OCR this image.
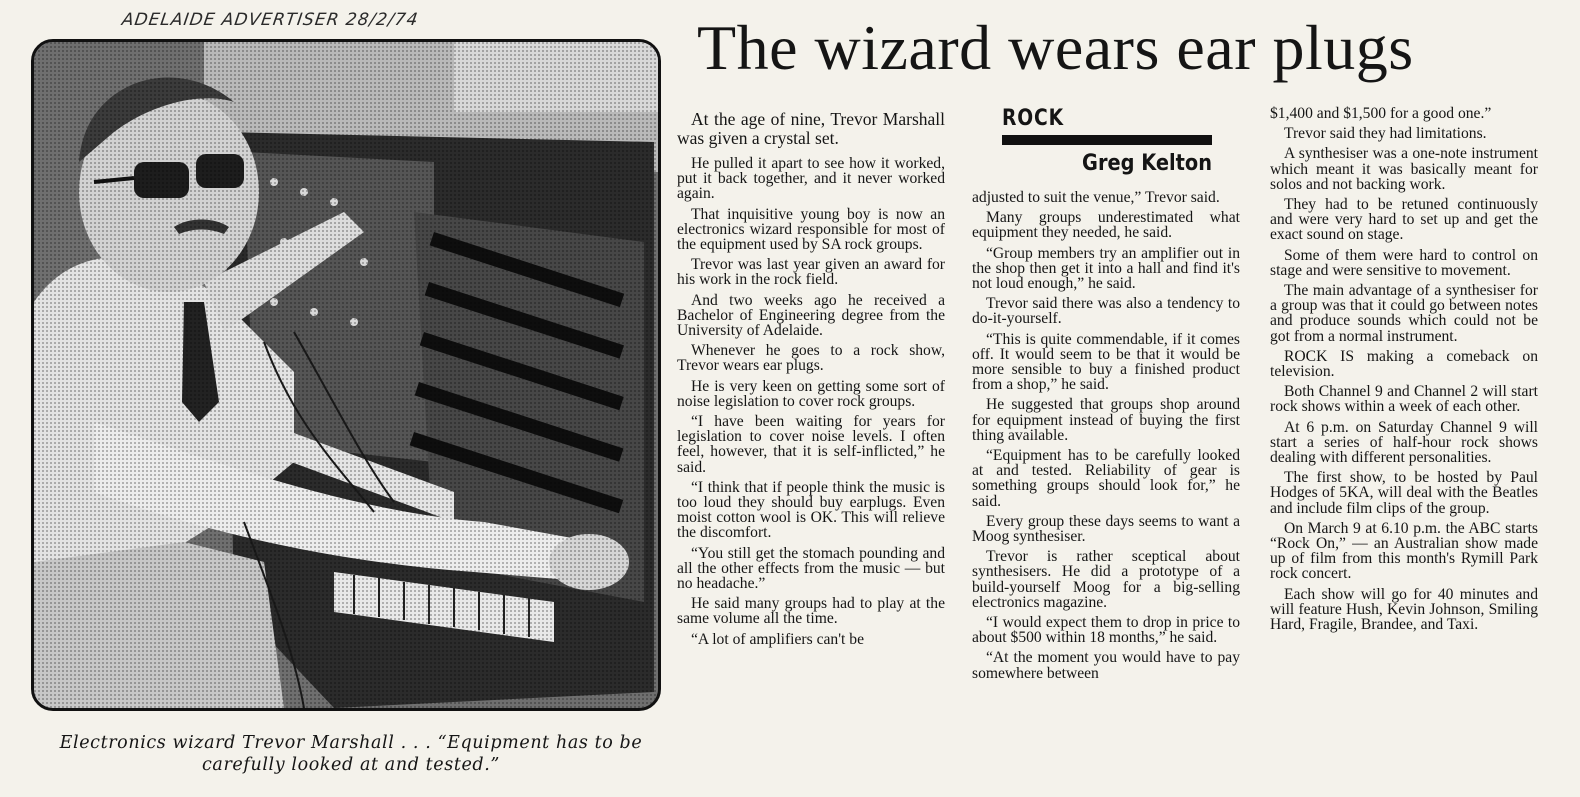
ADELAIDE ADVERTISER 28/2/74
Electronics wizard Trevor Marshall . . . “Equipment has to be carefully looked at and tested.”
The wizard wears ear plugs
ROCK
Greg Kelton

At the age of nine, Trevor Marshall was given a crystal set.

He pulled it apart to see how it worked, put it back together, and it never worked again.

That inquisitive young boy is now an electronics wizard responsible for most of the equipment used by SA rock groups.

Trevor was last year given an award for his work in the rock field.

And two weeks ago he received a Bachelor of Engineering degree from the University of Adelaide.

Whenever he goes to a rock show, Trevor wears ear plugs.

He is very keen on getting some sort of noise legislation to cover rock groups.

“I have been waiting for years for legislation to cover noise levels. I often feel, however, that it is self-inflicted,” he said.

“I think that if people think the music is too loud they should buy earplugs. Even moist cotton wool is OK. This will relieve the discomfort.

“You still get the stomach pounding and all the other effects from the music — but no headache.”

He said many groups had to play at the same volume all the time.

“A lot of amplifiers can't be

adjusted to suit the venue,” Trevor said.

Many groups underestimated what equipment they needed, he said.

“Group members try an amplifier out in the shop then get it into a hall and find it's not loud enough,” he said.

Trevor said there was also a tendency to do-it-yourself.

“This is quite commendable, if it comes off. It would seem to be that it would be more sensible to buy a finished product from a shop,” he said.

He suggested that groups shop around for equipment instead of buying the first thing available.

“Equipment has to be carefully looked at and tested. Reliability of gear is something groups should look for,” he said.

Every group these days seems to want a Moog synthesiser.

Trevor is rather sceptical about synthesisers. He did a prototype of a build-yourself Moog for a big-selling electronics magazine.

“I would expect them to drop in price to about $500 within 18 months,” he said.

“At the moment you would have to pay somewhere between

$1,400 and $1,500 for a good one.”

Trevor said they had limitations.

A synthesiser was a one-note instrument which meant it was basically meant for solos and not backing work.

They had to be retuned continuously and were very hard to set up and get the exact sound on stage.

Some of them were hard to control on stage and were sensitive to movement.

The main advantage of a synthesiser for a group was that it could go between notes and produce sounds which could not be got from a normal instrument.

ROCK IS making a comeback on television.

Both Channel 9 and Channel 2 will start rock shows within a week of each other.

At 6 p.m. on Saturday Channel 9 will start a series of half-hour rock shows dealing with different personalities.

The first show, to be hosted by Paul Hodges of 5KA, will deal with the Beatles and include film clips of the group.

On March 9 at 6.10 p.m. the ABC starts “Rock On,” — an Australian show made up of film from this month's Rymill Park rock concert.

Each show will go for 40 minutes and will feature Hush, Kevin Johnson, Smiling Hard, Fragile, Brandee, and Taxi.
